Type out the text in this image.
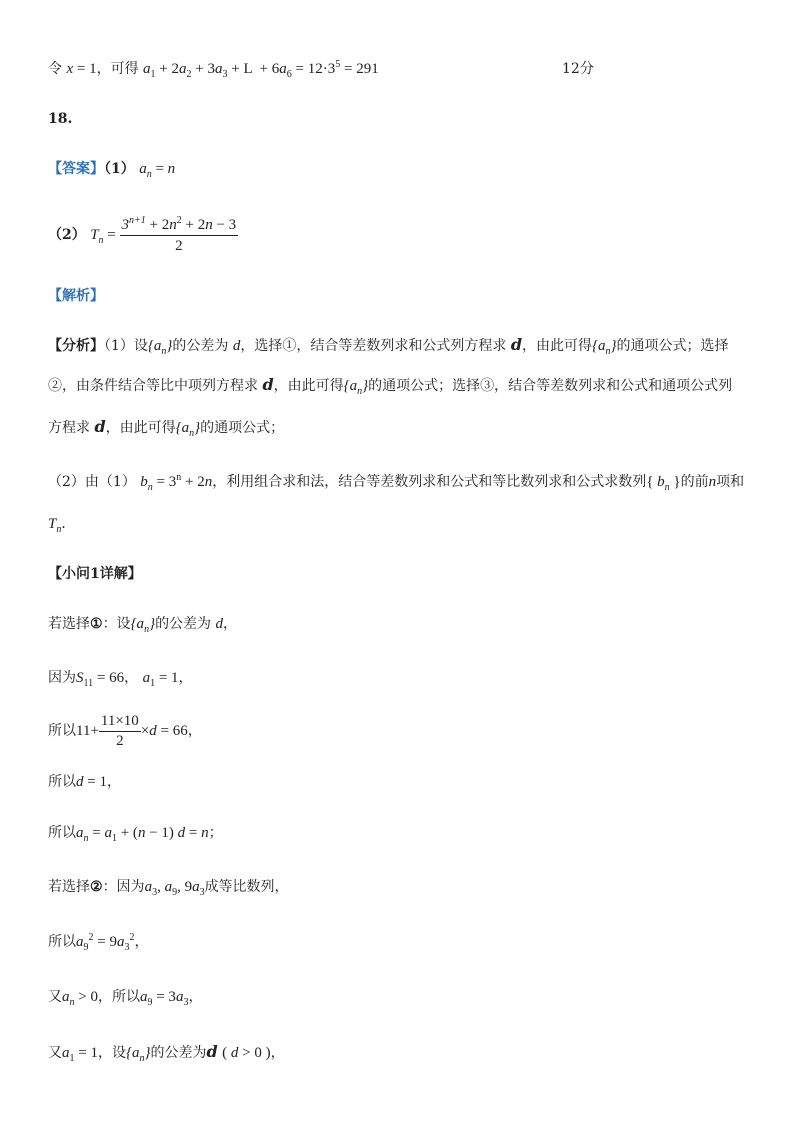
令 x = 1，可得 $a_1 + 2a_2 + 3a_3 + L + 6a_6 = 12\cdot 3^5 = 291$	12分
18.
【答案】（1） $a_n = n$
（2） $T_n = \frac{3^{n+1} + 2n^2 + 2n - 3}{2}$
【解析】
【分析】（1）设$\{a_n\}$的公差为 d，选择①，结合等差数列求和公式列方程求 d，由此可得$\{a_n\}$的通项公式；选择
②，由条件结合等比中项列方程求 d，由此可得$\{a_n\}$的通项公式；选择③，结合等差数列求和公式和通项公式列
方程求 d，由此可得$\{a_n\}$的通项公式；
（2）由（1） $b_n = 3^n + 2n$，利用组合求和法，结合等差数列求和公式和等比数列求和公式求数列{ $b_n$ }的前n项和
$T_n$．
【小问1详解】
若选择①：设$\{a_n\}$的公差为 d，
因为$S_{11} = 66$， $a_1 = 1$，
所以$11+ \frac{11\times 10}{2} \times d = 66$，
所以d = 1，
所以$a_n = a_1 + (n - 1) d = n$；
若选择②：因为$a_3$, $a_9$, $9a_3$成等比数列，
所以$a_9^2 = 9a_3^2$，
又$a_n > 0$，所以$a_9 = 3a_3$，
又$a_1 = 1$，设$\{a_n\}$的公差为d ( d > 0 )，
